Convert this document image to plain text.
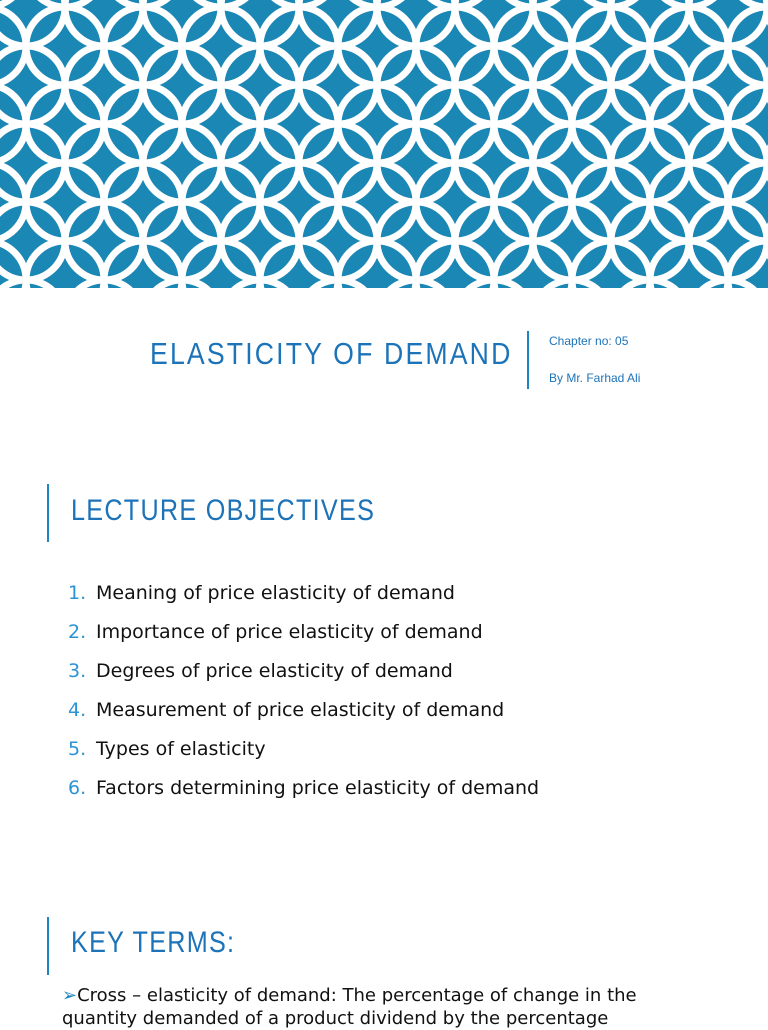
ELASTICITY OF DEMAND	Chapter no: 05
By Mr. Farhad Ali
LECTURE OBJECTIVES
1. Meaning of price elasticity of demand
2. Importance of price elasticity of demand
3. Degrees of price elasticity of demand
4. Measurement of price elasticity of demand
5. Types of elasticity
6. Factors determining price elasticity of demand
KEY TERMS:
➢Cross – elasticity of demand: The percentage of change in the quantity demanded of a product dividend by the percentage
